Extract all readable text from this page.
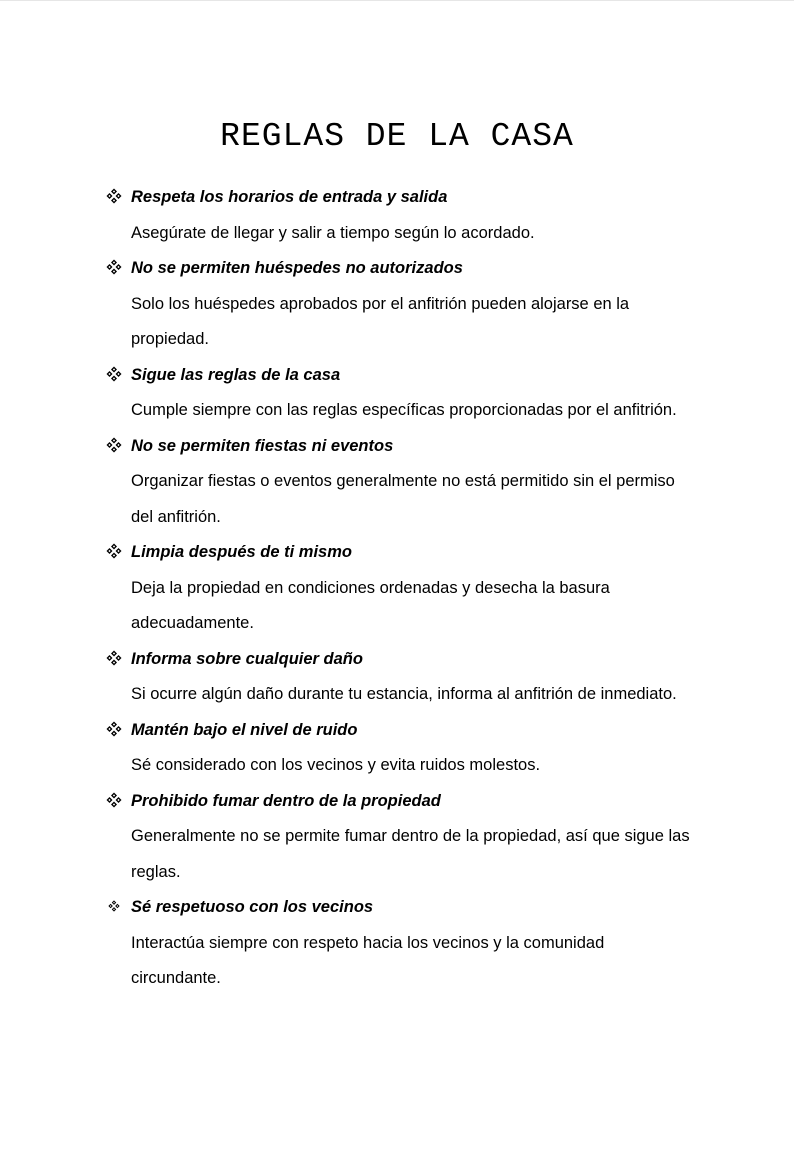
REGLAS DE LA CASA
Respeta los horarios de entrada y salida
Asegúrate de llegar y salir a tiempo según lo acordado.
No se permiten huéspedes no autorizados
Solo los huéspedes aprobados por el anfitrión pueden alojarse en la propiedad.
Sigue las reglas de la casa
Cumple siempre con las reglas específicas proporcionadas por el anfitrión.
No se permiten fiestas ni eventos
Organizar fiestas o eventos generalmente no está permitido sin el permiso del anfitrión.
Limpia después de ti mismo
Deja la propiedad en condiciones ordenadas y desecha la basura adecuadamente.
Informa sobre cualquier daño
Si ocurre algún daño durante tu estancia, informa al anfitrión de inmediato.
Mantén bajo el nivel de ruido
Sé considerado con los vecinos y evita ruidos molestos.
Prohibido fumar dentro de la propiedad
Generalmente no se permite fumar dentro de la propiedad, así que sigue las reglas.
Sé respetuoso con los vecinos
Interactúa siempre con respeto hacia los vecinos y la comunidad circundante.
